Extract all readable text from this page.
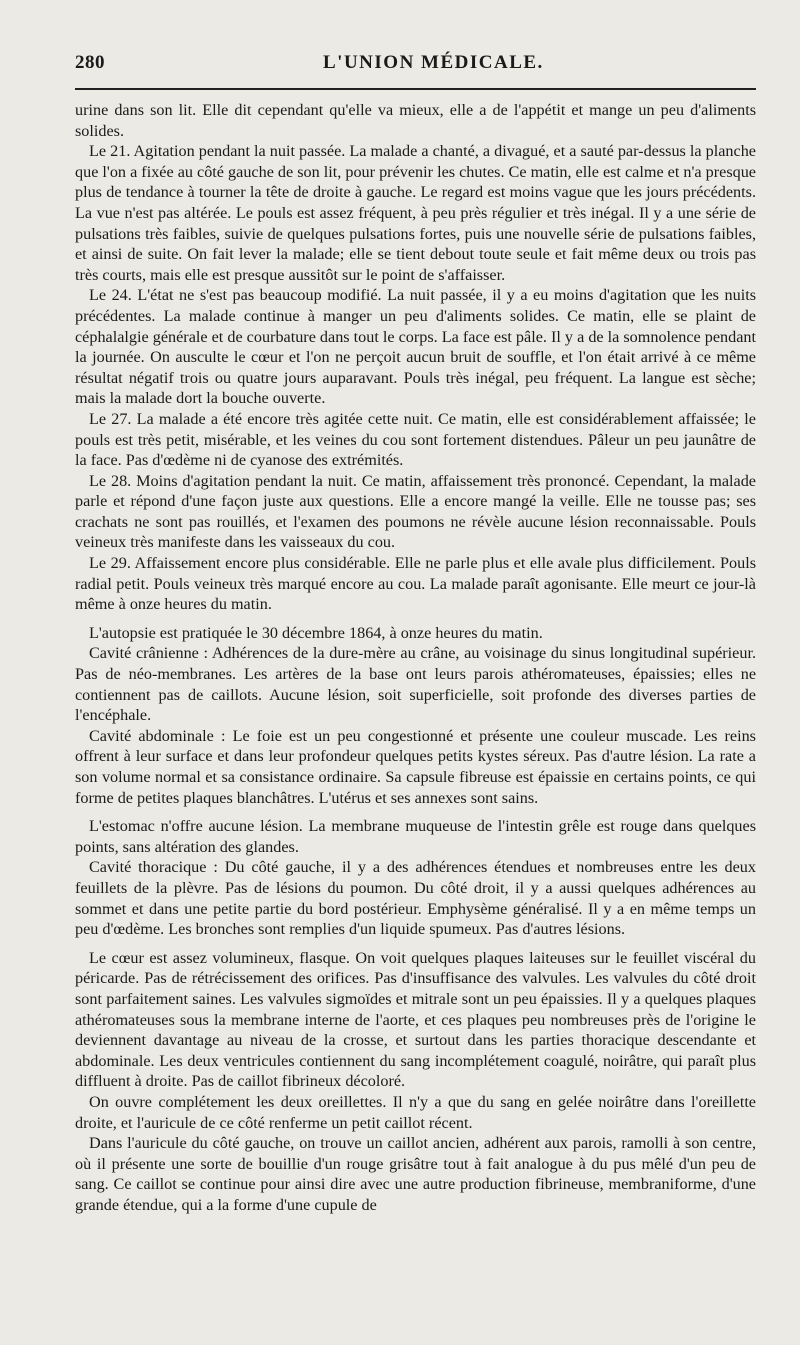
280	L'UNION MÉDICALE.

urine dans son lit. Elle dit cependant qu'elle va mieux, elle a de l'appétit et mange un peu d'aliments solides.

Le 21. Agitation pendant la nuit passée. La malade a chanté, a divagué, et a sauté par-dessus la planche que l'on a fixée au côté gauche de son lit, pour prévenir les chutes. Ce matin, elle est calme et n'a presque plus de tendance à tourner la tête de droite à gauche. Le regard est moins vague que les jours précédents. La vue n'est pas altérée. Le pouls est assez fréquent, à peu près régulier et très inégal. Il y a une série de pulsations très faibles, suivie de quelques pulsations fortes, puis une nouvelle série de pulsations faibles, et ainsi de suite. On fait lever la malade; elle se tient debout toute seule et fait même deux ou trois pas très courts, mais elle est presque aussitôt sur le point de s'affaisser.

Le 24. L'état ne s'est pas beaucoup modifié. La nuit passée, il y a eu moins d'agitation que les nuits précédentes. La malade continue à manger un peu d'aliments solides. Ce matin, elle se plaint de céphalalgie générale et de courbature dans tout le corps. La face est pâle. Il y a de la somnolence pendant la journée. On ausculte le cœur et l'on ne perçoit aucun bruit de souffle, et l'on était arrivé à ce même résultat négatif trois ou quatre jours auparavant. Pouls très inégal, peu fréquent. La langue est sèche; mais la malade dort la bouche ouverte.

Le 27. La malade a été encore très agitée cette nuit. Ce matin, elle est considérablement affaissée; le pouls est très petit, misérable, et les veines du cou sont fortement distendues. Pâleur un peu jaunâtre de la face. Pas d'œdème ni de cyanose des extrémités.

Le 28. Moins d'agitation pendant la nuit. Ce matin, affaissement très prononcé. Cependant, la malade parle et répond d'une façon juste aux questions. Elle a encore mangé la veille. Elle ne tousse pas; ses crachats ne sont pas rouillés, et l'examen des poumons ne révèle aucune lésion reconnaissable. Pouls veineux très manifeste dans les vaisseaux du cou.

Le 29. Affaissement encore plus considérable. Elle ne parle plus et elle avale plus difficilement. Pouls radial petit. Pouls veineux très marqué encore au cou. La malade paraît agonisante. Elle meurt ce jour-là même à onze heures du matin.

L'autopsie est pratiquée le 30 décembre 1864, à onze heures du matin.

Cavité crânienne : Adhérences de la dure-mère au crâne, au voisinage du sinus longitudinal supérieur. Pas de néo-membranes. Les artères de la base ont leurs parois athéromateuses, épaissies; elles ne contiennent pas de caillots. Aucune lésion, soit superficielle, soit profonde des diverses parties de l'encéphale.

Cavité abdominale : Le foie est un peu congestionné et présente une couleur muscade. Les reins offrent à leur surface et dans leur profondeur quelques petits kystes séreux. Pas d'autre lésion. La rate a son volume normal et sa consistance ordinaire. Sa capsule fibreuse est épaissie en certains points, ce qui forme de petites plaques blanchâtres. L'utérus et ses annexes sont sains.

L'estomac n'offre aucune lésion. La membrane muqueuse de l'intestin grêle est rouge dans quelques points, sans altération des glandes.

Cavité thoracique : Du côté gauche, il y a des adhérences étendues et nombreuses entre les deux feuillets de la plèvre. Pas de lésions du poumon. Du côté droit, il y a aussi quelques adhérences au sommet et dans une petite partie du bord postérieur. Emphysème généralisé. Il y a en même temps un peu d'œdème. Les bronches sont remplies d'un liquide spumeux. Pas d'autres lésions.

Le cœur est assez volumineux, flasque. On voit quelques plaques laiteuses sur le feuillet viscéral du péricarde. Pas de rétrécissement des orifices. Pas d'insuffisance des valvules. Les valvules du côté droit sont parfaitement saines. Les valvules sigmoïdes et mitrale sont un peu épaissies. Il y a quelques plaques athéromateuses sous la membrane interne de l'aorte, et ces plaques peu nombreuses près de l'origine le deviennent davantage au niveau de la crosse, et surtout dans les parties thoracique descendante et abdominale. Les deux ventricules contiennent du sang incomplétement coagulé, noirâtre, qui paraît plus diffluent à droite. Pas de caillot fibrineux décoloré.

On ouvre complétement les deux oreillettes. Il n'y a que du sang en gelée noirâtre dans l'oreillette droite, et l'auricule de ce côté renferme un petit caillot récent.

Dans l'auricule du côté gauche, on trouve un caillot ancien, adhérent aux parois, ramolli à son centre, où il présente une sorte de bouillie d'un rouge grisâtre tout à fait analogue à du pus mêlé d'un peu de sang. Ce caillot se continue pour ainsi dire avec une autre production fibrineuse, membraniforme, d'une grande étendue, qui a la forme d'une cupule de
